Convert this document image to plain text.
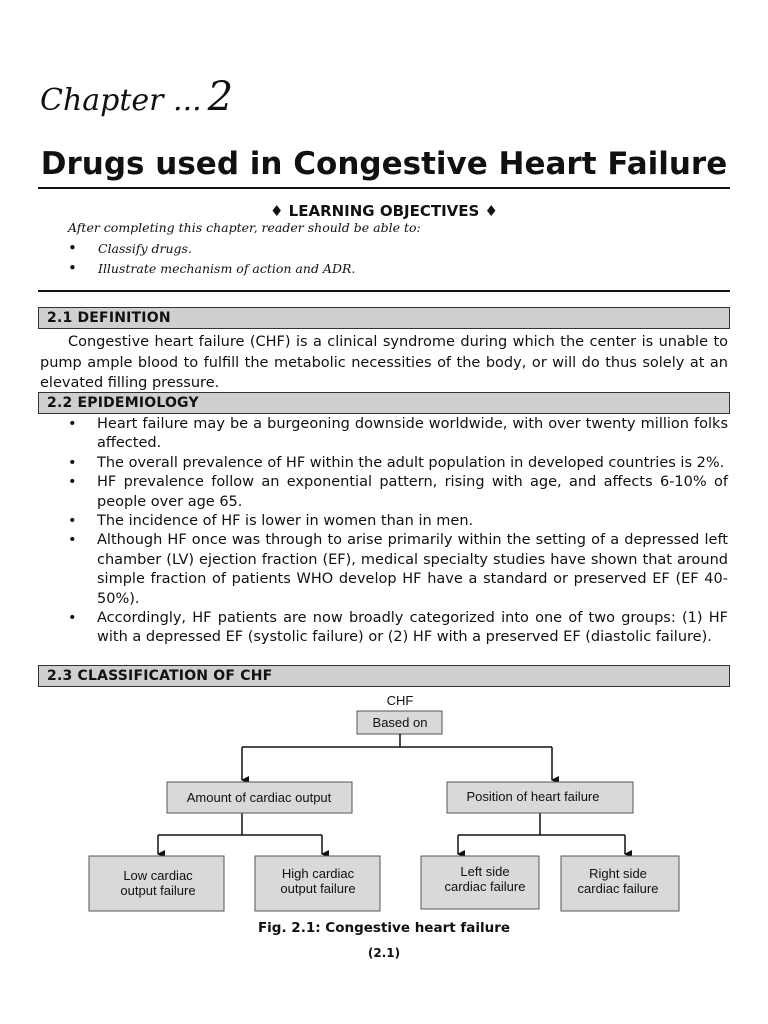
Chapter ... 2
Drugs used in Congestive Heart Failure
♦ LEARNING OBJECTIVES ♦
After completing this chapter, reader should be able to:
• Classify drugs.
• Illustrate mechanism of action and ADR.
2.1 DEFINITION

Congestive heart failure (CHF) is a clinical syndrome during which the center is unable to pump ample blood to fulfill the metabolic necessities of the body, or will do thus solely at an elevated filling pressure.

2.2 EPIDEMIOLOGY
• Heart failure may be a burgeoning downside worldwide, with over twenty million folks affected.
• The overall prevalence of HF within the adult population in developed countries is 2%.
• HF prevalence follow an exponential pattern, rising with age, and affects 6-10% of people over age 65.
• The incidence of HF is lower in women than in men.
• Although HF once was through to arise primarily within the setting of a depressed left chamber (LV) ejection fraction (EF), medical specialty studies have shown that around simple fraction of patients WHO develop HF have a standard or preserved EF (EF 40-50%).
• Accordingly, HF patients are now broadly categorized into one of two groups: (1) HF with a depressed EF (systolic failure) or (2) HF with a preserved EF (diastolic failure).
2.3 CLASSIFICATION OF CHF
CHF
Based on
Amount of cardiac output	Position of heart failure
Low cardiac
output failure
High cardiac
output failure
Left side
cardiac failure
Right side
cardiac failure
Fig. 2.1: Congestive heart failure
(2.1)
